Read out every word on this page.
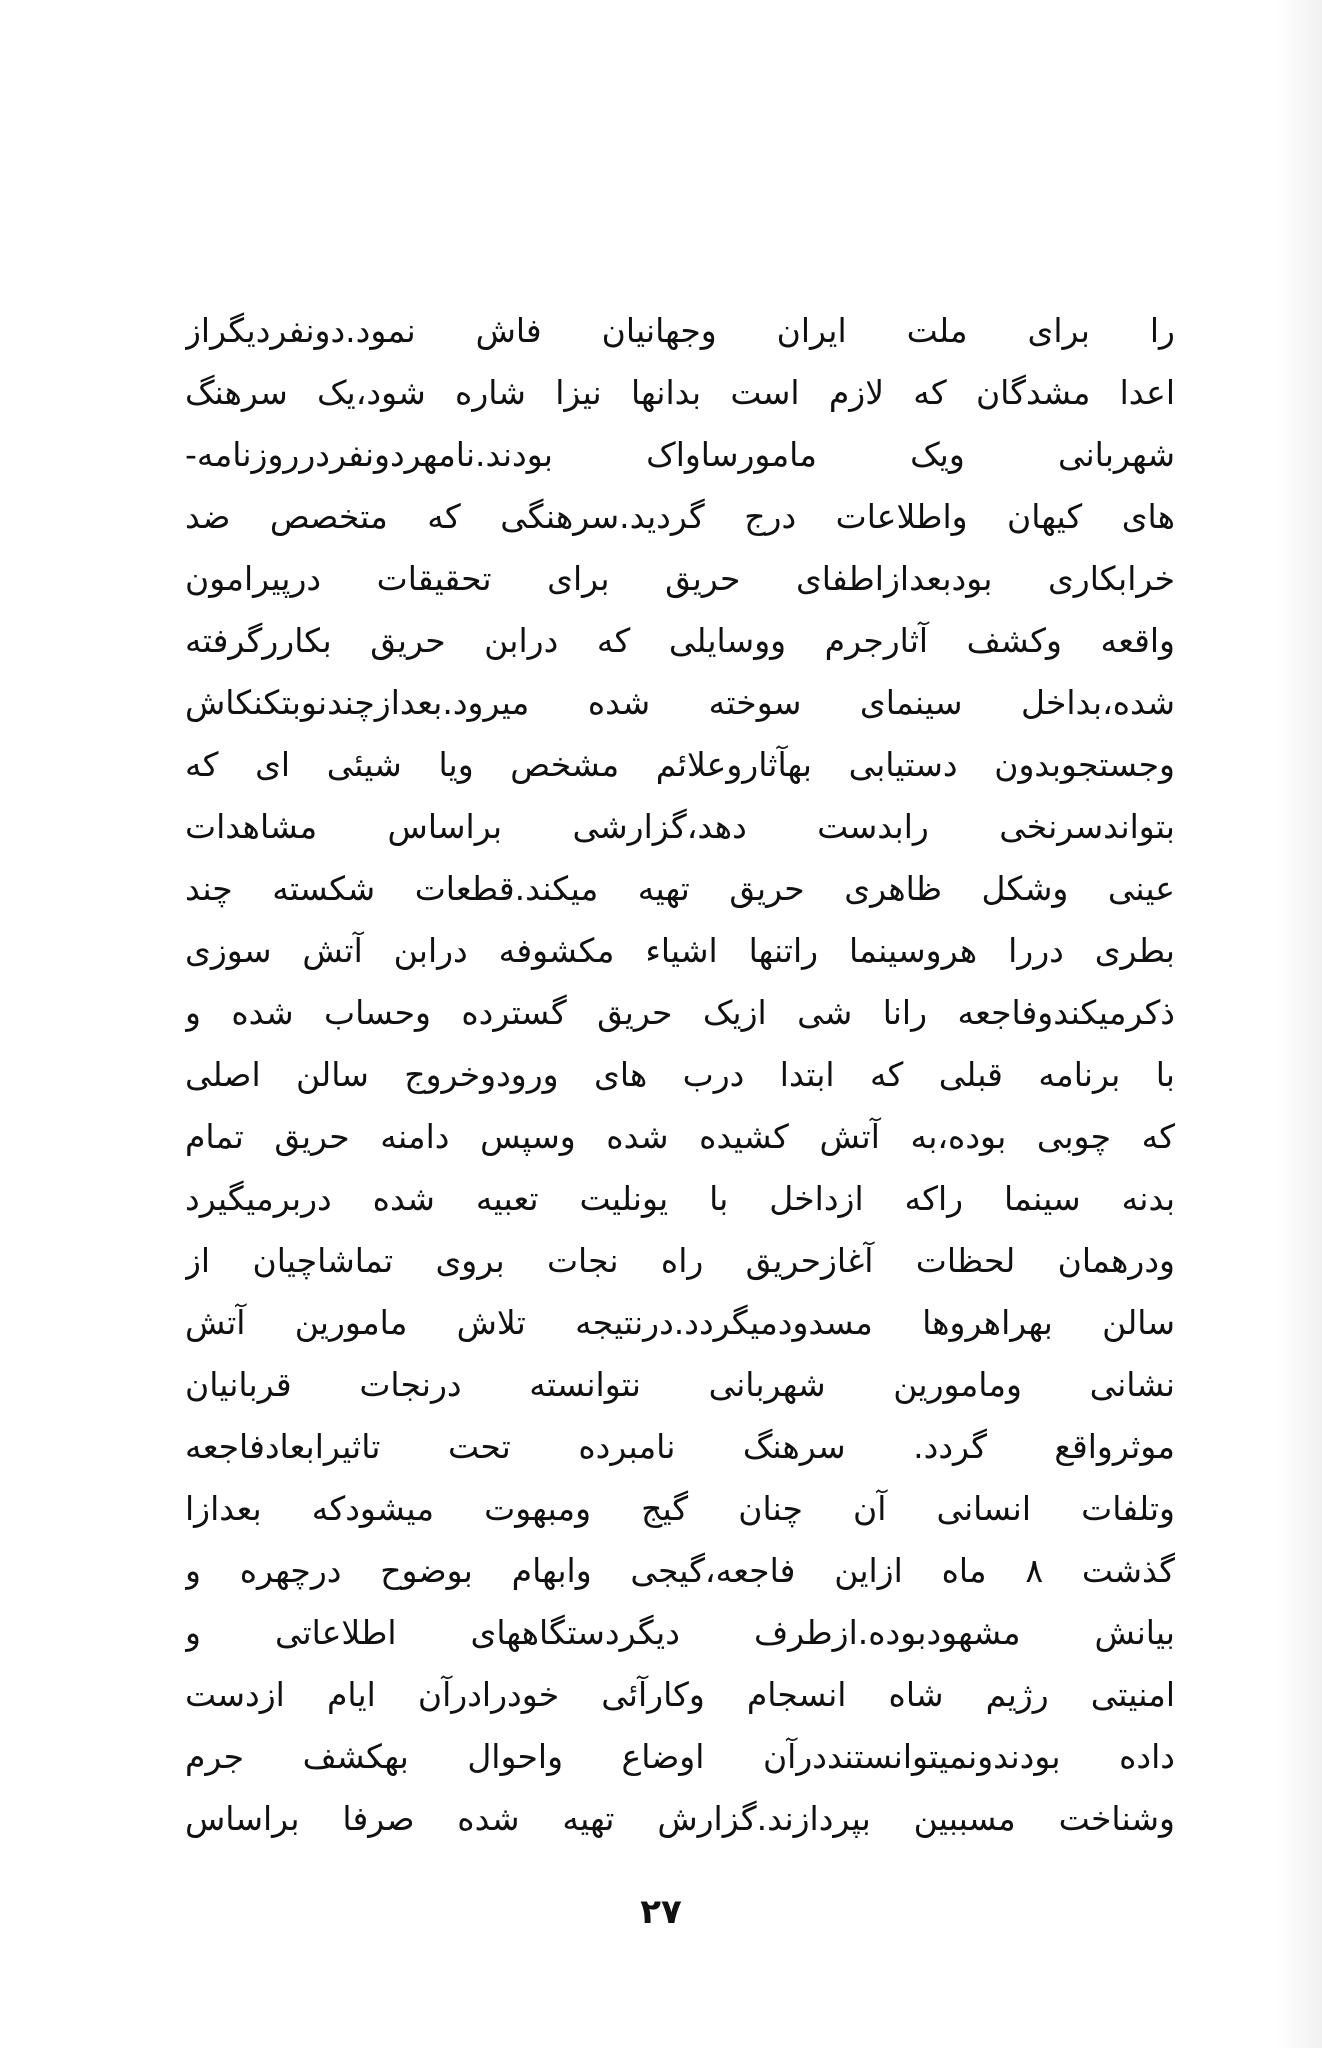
را برای ملت ایران وجهانیان فاش نمود.دونفردیگراز
اعدا مشدگان که لازم است بدانها نیزا شاره شود،یک سرهنگ
شهربانی ویک مامورساواک بودند.نامهردونفردرروزنامه-
های کیهان واطلاعات درج گردید.سرهنگی که متخصص ضد
خرابکاری بودبعدازاطفای حریق برای تحقیقات درپیرامون
واقعه وکشف آثارجرم ووسایلی که درابن حریق بکاررگرفته
شده،بداخل سینمای سوخته شده میرود.بعدازچندنوبتکنکاش
وجستجوبدون دستیابی بهآثاروعلائم مشخص ویا شیئی ای که
بتواندسرنخی رابدست دهد،گزارشی براساس مشاهدات
عینی وشکل ظاهری حریق تهیه میکند.قطعات شکسته چند
بطری دررا هروسینما راتنها اشیاء مکشوفه درابن آتش سوزی
ذکرمیکندوفاجعه رانا شی ازیک حریق گسترده وحساب شده و
با برنامه قبلی که ابتدا درب های ورودوخروج سالن اصلی
که چوبی بوده،به آتش کشیده شده وسپس دامنه حریق تمام
بدنه سینما راکه ازداخل با یونلیت تعبیه شده دربرمیگیرد
ودرهمان لحظات آغازحریق راه نجات بروی تماشاچیان از
سالن بهراهروها مسدودمیگردد.درنتیجه تلاش مامورین آتش
نشانی ومامورین شهربانی نتوانسته درنجات قربانیان
موثرواقع گردد. سرهنگ نامبرده تحت تاثیرابعادفاجعه
وتلفات انسانی آن چنان گیج ومبهوت میشودکه بعدازا
گذشت ۸ ماه ازاین فاجعه،گیجی وابهام بوضوح درچهره و
بیانش مشهودبوده.ازطرف دیگردستگاههای اطلاعاتی و
امنیتی رژیم شاه انسجام وکارآئی خودرادرآن ایام ازدست
داده بودندونمیتوانستنددرآن اوضاع واحوال بهکشف جرم
وشناخت مسببین بپردازند.گزارش تهیه شده صرفا براساس
۲۷
